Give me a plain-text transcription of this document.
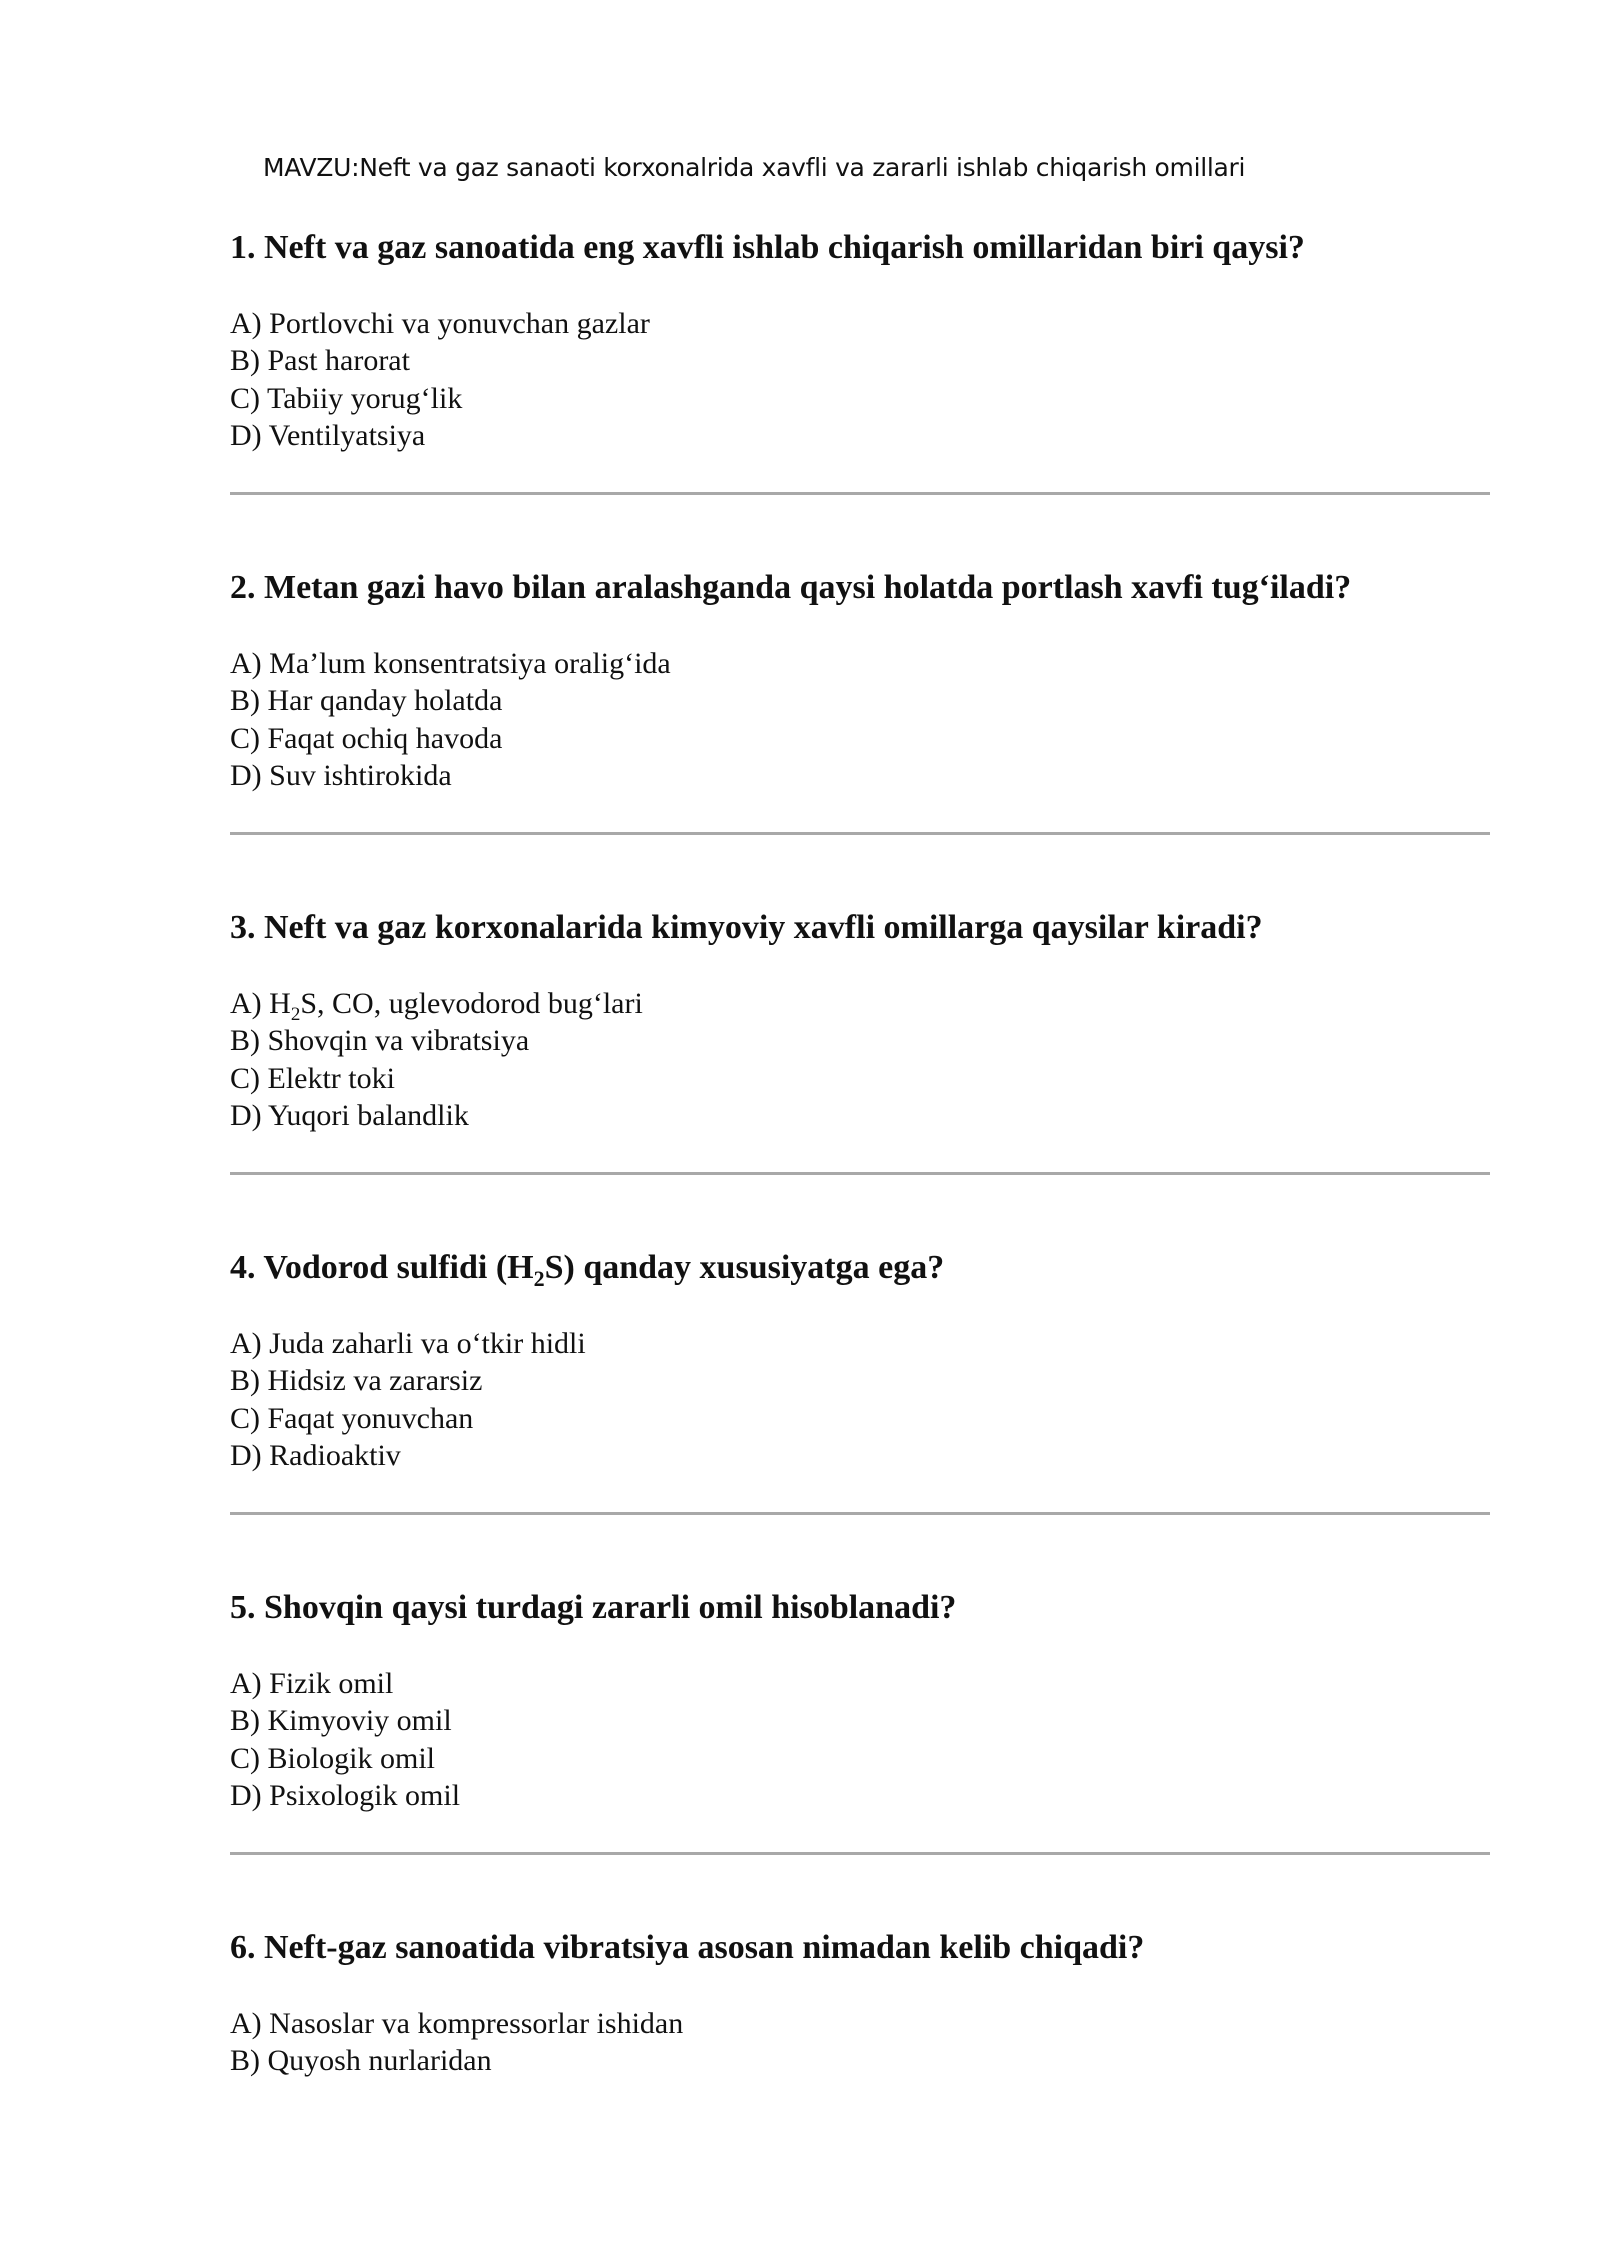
MAVZU:Neft va gaz sanaoti korxonalrida xavfli va zararli ishlab chiqarish omillari

1. Neft va gaz sanoatida eng xavfli ishlab chiqarish omillaridan biri qaysi?

A) Portlovchi va yonuvchan gazlar
B) Past harorat
C) Tabiiy yorug‘lik
D) Ventilyatsiya

2. Metan gazi havo bilan aralashganda qaysi holatda portlash xavfi tug‘iladi?

A) Ma’lum konsentratsiya oralig‘ida
B) Har qanday holatda
C) Faqat ochiq havoda
D) Suv ishtirokida

3. Neft va gaz korxonalarida kimyoviy xavfli omillarga qaysilar kiradi?

A) $H_2S$, CO, uglevodorod bug‘lari
B) Shovqin va vibratsiya
C) Elektr toki
D) Yuqori balandlik

4. Vodorod sulfidi $(H_2S)$ qanday xususiyatga ega?

A) Juda zaharli va o‘tkir hidli
B) Hidsiz va zararsiz
C) Faqat yonuvchan
D) Radioaktiv

5. Shovqin qaysi turdagi zararli omil hisoblanadi?

A) Fizik omil
B) Kimyoviy omil
C) Biologik omil
D) Psixologik omil

6. Neft-gaz sanoatida vibratsiya asosan nimadan kelib chiqadi?

A) Nasoslar va kompressorlar ishidan
B) Quyosh nurlaridan
